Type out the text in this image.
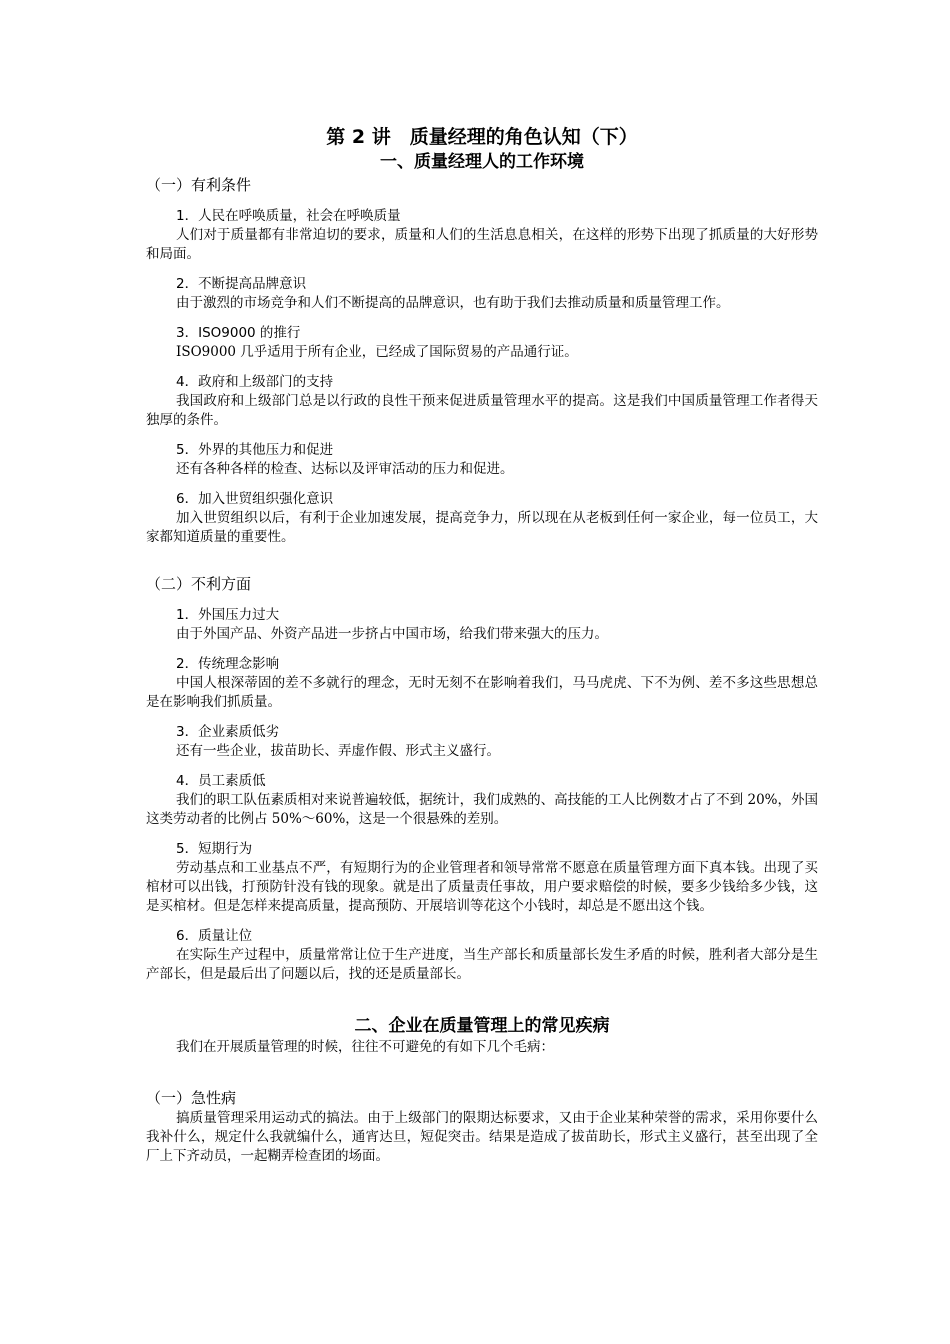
第 2 讲　质量经理的角色认知（下）
一、质量经理人的工作环境
（一）有利条件
1．人民在呼唤质量，社会在呼唤质量

人们对于质量都有非常迫切的要求，质量和人们的生活息息相关，在这样的形势下出现了抓质量的大好形势和局面。

2．不断提高品牌意识

由于激烈的市场竞争和人们不断提高的品牌意识，也有助于我们去推动质量和质量管理工作。

3．ISO9000 的推行

ISO9000 几乎适用于所有企业，已经成了国际贸易的产品通行证。

4．政府和上级部门的支持

我国政府和上级部门总是以行政的良性干预来促进质量管理水平的提高。这是我们中国质量管理工作者得天独厚的条件。

5．外界的其他压力和促进

还有各种各样的检查、达标以及评审活动的压力和促进。

6．加入世贸组织强化意识

加入世贸组织以后，有利于企业加速发展，提高竞争力，所以现在从老板到任何一家企业，每一位员工，大家都知道质量的重要性。

（二）不利方面
1．外国压力过大

由于外国产品、外资产品进一步挤占中国市场，给我们带来强大的压力。

2．传统理念影响

中国人根深蒂固的差不多就行的理念，无时无刻不在影响着我们，马马虎虎、下不为例、差不多这些思想总是在影响我们抓质量。

3．企业素质低劣

还有一些企业，拔苗助长、弄虚作假、形式主义盛行。

4．员工素质低

我们的职工队伍素质相对来说普遍较低，据统计，我们成熟的、高技能的工人比例数才占了不到 20%，外国这类劳动者的比例占 50%～60%，这是一个很悬殊的差别。

5．短期行为

劳动基点和工业基点不严，有短期行为的企业管理者和领导常常不愿意在质量管理方面下真本钱。出现了买棺材可以出钱，打预防针没有钱的现象。就是出了质量责任事故，用户要求赔偿的时候，要多少钱给多少钱，这是买棺材。但是怎样来提高质量，提高预防、开展培训等花这个小钱时，却总是不愿出这个钱。

6．质量让位

在实际生产过程中，质量常常让位于生产进度，当生产部长和质量部长发生矛盾的时候，胜利者大部分是生产部长，但是最后出了问题以后，找的还是质量部长。

二、企业在质量管理上的常见疾病

我们在开展质量管理的时候，往往不可避免的有如下几个毛病：

（一）急性病

搞质量管理采用运动式的搞法。由于上级部门的限期达标要求，又由于企业某种荣誉的需求，采用你要什么我补什么，规定什么我就编什么，通宵达旦，短促突击。结果是造成了拔苗助长，形式主义盛行，甚至出现了全厂上下齐动员，一起糊弄检查团的场面。
